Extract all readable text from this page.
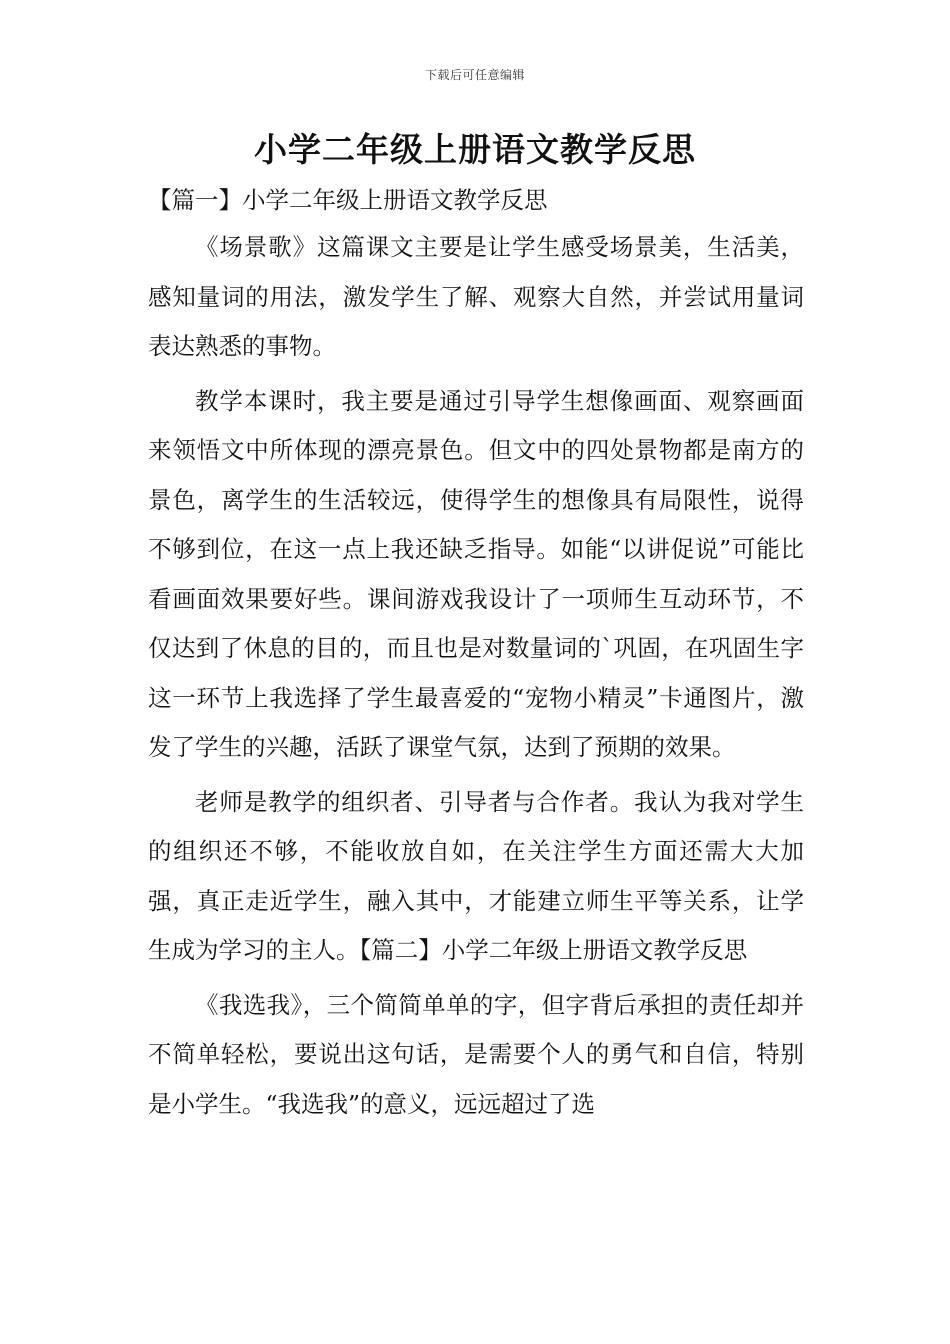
下载后可任意编辑
小学二年级上册语文教学反思

【篇一】小学二年级上册语文教学反思

《场景歌》这篇课文主要是让学生感受场景美，生活美，感知量词的用法，激发学生了解、观察大自然，并尝试用量词表达熟悉的事物。

教学本课时，我主要是通过引导学生想像画面、观察画面来领悟文中所体现的漂亮景色。但文中的四处景物都是南方的景色，离学生的生活较远，使得学生的想像具有局限性，说得不够到位，在这一点上我还缺乏指导。如能“以讲促说”可能比看画面效果要好些。课间游戏我设计了一项师生互动环节，不仅达到了休息的目的，而且也是对数量词的`巩固，在巩固生字这一环节上我选择了学生最喜爱的“宠物小精灵”卡通图片，激发了学生的兴趣，活跃了课堂气氛，达到了预期的效果。

老师是教学的组织者、引导者与合作者。我认为我对学生的组织还不够，不能收放自如，在关注学生方面还需大大加强，真正走近学生，融入其中，才能建立师生平等关系，让学生成为学习的主人。【篇二】小学二年级上册语文教学反思

《我选我》，三个简简单单的字，但字背后承担的责任却并不简单轻松，要说出这句话，是需要个人的勇气和自信，特别是小学生。“我选我”的意义，远远超过了选
